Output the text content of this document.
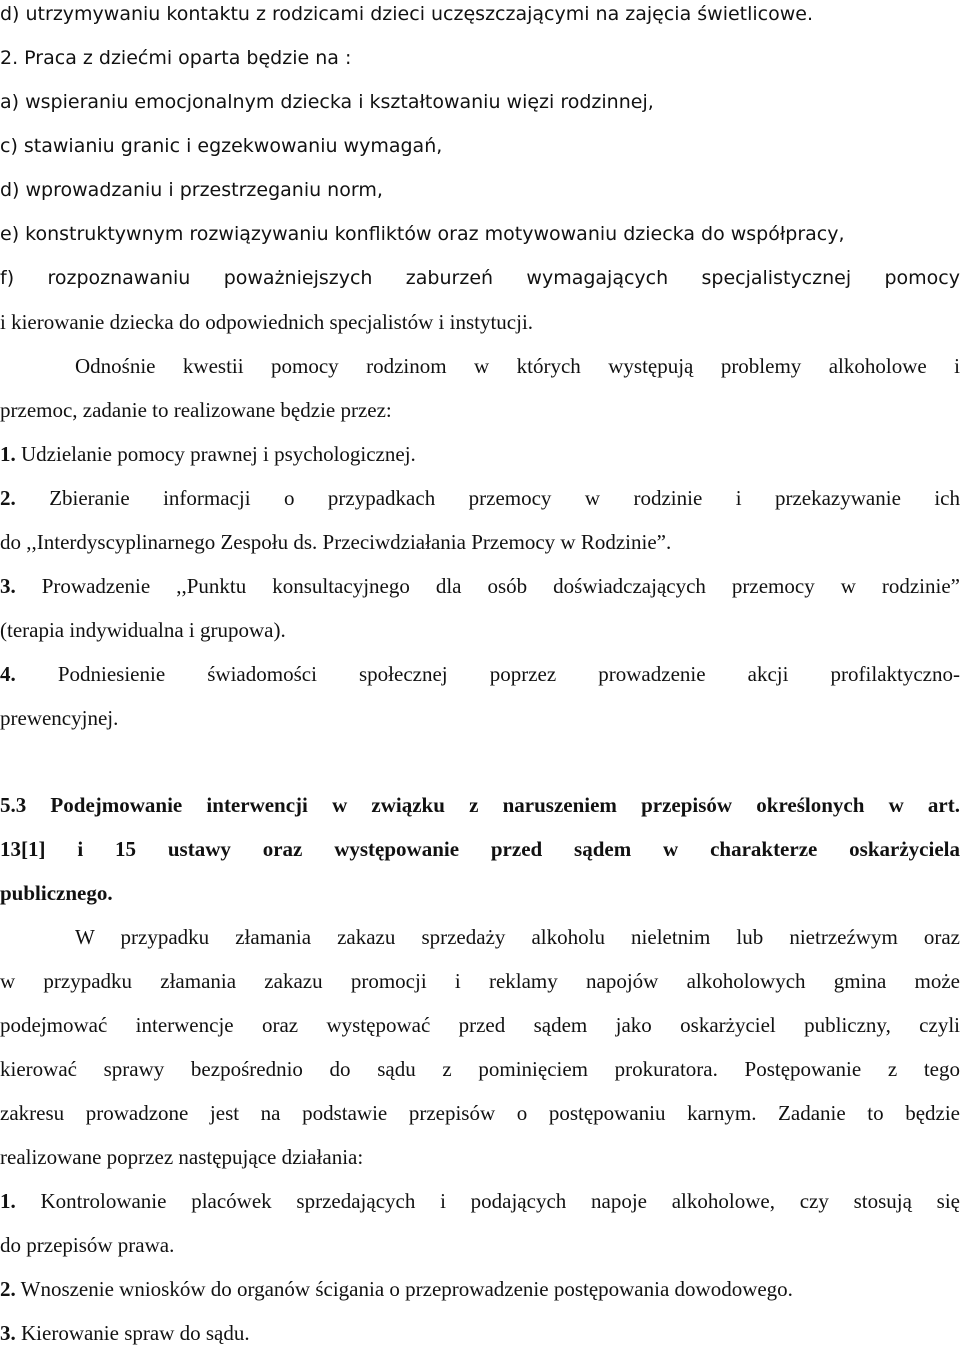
d) utrzymywaniu kontaktu z rodzicami dzieci uczęszczającymi na zajęcia świetlicowe.
2. Praca z dziećmi oparta będzie na :
a) wspieraniu emocjonalnym dziecka i kształtowaniu więzi rodzinnej,
c) stawianiu granic i egzekwowaniu wymagań,
d) wprowadzaniu i przestrzeganiu norm,
e) konstruktywnym rozwiązywaniu konfliktów oraz motywowaniu dziecka do współpracy,
f) rozpoznawaniu poważniejszych zaburzeń wymagających specjalistycznej pomocy
i kierowanie dziecka do odpowiednich specjalistów i instytucji.
Odnośnie kwestii pomocy rodzinom w których występują problemy alkoholowe i
przemoc, zadanie to realizowane będzie przez:
1. Udzielanie pomocy prawnej i psychologicznej.
2. Zbieranie informacji o przypadkach przemocy w rodzinie i przekazywanie ich
do ,,Interdyscyplinarnego Zespołu ds. Przeciwdziałania Przemocy w Rodzinie”.
3. Prowadzenie ,,Punktu konsultacyjnego dla osób doświadczających przemocy w rodzinie”
(terapia indywidualna i grupowa).
4. Podniesienie świadomości społecznej poprzez prowadzenie akcji profilaktyczno-
prewencyjnej.
5.3 Podejmowanie interwencji w związku z naruszeniem przepisów określonych w art.
13[1] i 15 ustawy oraz występowanie przed sądem w charakterze oskarżyciela
publicznego.
W przypadku złamania zakazu sprzedaży alkoholu nieletnim lub nietrzeźwym oraz
w przypadku złamania zakazu promocji i reklamy napojów alkoholowych gmina może
podejmować interwencje oraz występować przed sądem jako oskarżyciel publiczny, czyli
kierować sprawy bezpośrednio do sądu z pominięciem prokuratora. Postępowanie z tego
zakresu prowadzone jest na podstawie przepisów o postępowaniu karnym. Zadanie to będzie
realizowane poprzez następujące działania:
1. Kontrolowanie placówek sprzedających i podających napoje alkoholowe, czy stosują się
do przepisów prawa.
2. Wnoszenie wniosków do organów ścigania o przeprowadzenie postępowania dowodowego.
3. Kierowanie spraw do sądu.
